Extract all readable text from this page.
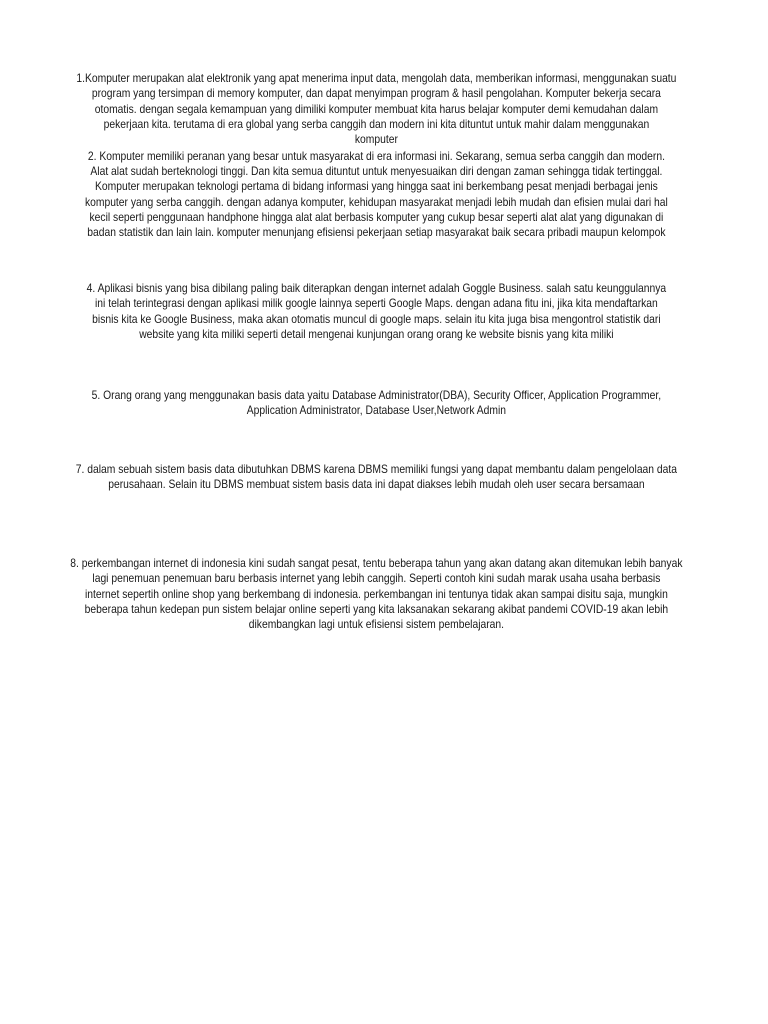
1.Komputer merupakan alat elektronik yang apat menerima input data, mengolah data, memberikan informasi, menggunakan suatu
program yang tersimpan di memory komputer, dan dapat menyimpan program & hasil pengolahan. Komputer bekerja secara
otomatis. dengan segala kemampuan yang dimiliki komputer membuat kita harus belajar komputer demi kemudahan dalam
pekerjaan kita. terutama di era global yang serba canggih dan modern ini kita dituntut untuk mahir dalam menggunakan
komputer
2. Komputer memiliki peranan yang besar untuk masyarakat di era informasi ini. Sekarang, semua serba canggih dan modern.
Alat alat sudah berteknologi tinggi. Dan kita semua dituntut untuk menyesuaikan diri dengan zaman sehingga tidak tertinggal.
Komputer merupakan teknologi pertama di bidang informasi yang hingga saat ini berkembang pesat menjadi berbagai jenis
komputer yang serba canggih. dengan adanya komputer, kehidupan masyarakat menjadi lebih mudah dan efisien mulai dari hal
kecil seperti penggunaan handphone hingga alat alat berbasis komputer yang cukup besar seperti alat alat yang digunakan di
badan statistik dan lain lain. komputer menunjang efisiensi pekerjaan setiap masyarakat baik secara pribadi maupun kelompok
4. Aplikasi bisnis yang bisa dibilang paling baik diterapkan dengan internet adalah Goggle Business. salah satu keunggulannya
ini telah terintegrasi dengan aplikasi milik google lainnya seperti Google Maps. dengan adana fitu ini, jika kita mendaftarkan
bisnis kita ke Google Business, maka akan otomatis muncul di google maps. selain itu kita juga bisa mengontrol statistik dari
website yang kita miliki seperti detail mengenai kunjungan orang orang ke website bisnis yang kita miliki
5. Orang orang yang menggunakan basis data yaitu Database Administrator(DBA), Security Officer, Application Programmer,
Application Administrator, Database User,Network Admin
7. dalam sebuah sistem basis data dibutuhkan DBMS karena DBMS memiliki fungsi yang dapat membantu dalam pengelolaan data
perusahaan. Selain itu DBMS membuat sistem basis data ini dapat diakses lebih mudah oleh user secara bersamaan
8. perkembangan internet di indonesia kini sudah sangat pesat, tentu beberapa tahun yang akan datang akan ditemukan lebih banyak
lagi penemuan penemuan baru berbasis internet yang lebih canggih. Seperti contoh kini sudah marak usaha usaha berbasis
internet sepertih online shop yang berkembang di indonesia. perkembangan ini tentunya tidak akan sampai disitu saja, mungkin
beberapa tahun kedepan pun sistem belajar online seperti yang kita laksanakan sekarang akibat pandemi COVID-19 akan lebih
dikembangkan lagi untuk efisiensi sistem pembelajaran.
